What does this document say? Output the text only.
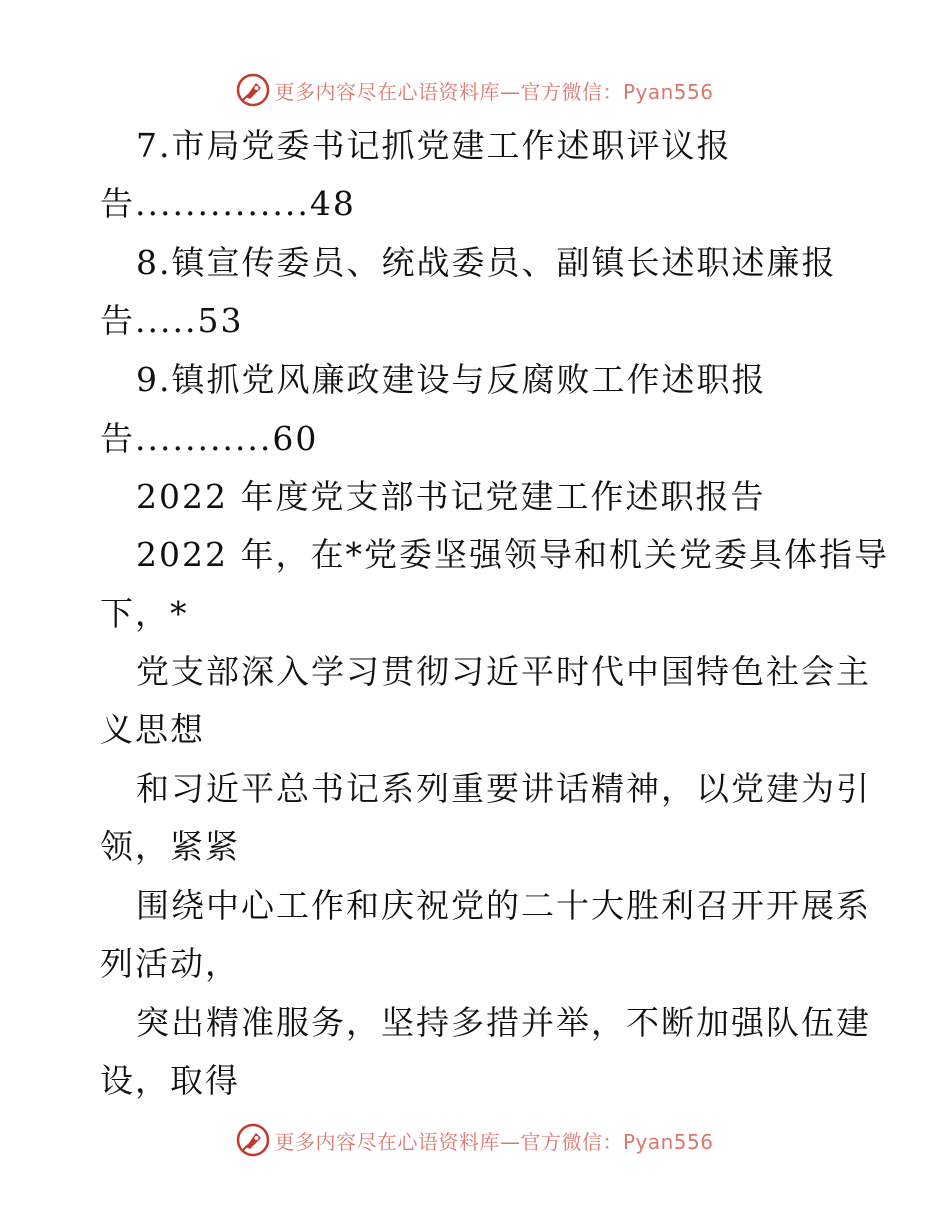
更多内容尽在心语资料库—官方微信：Pyan556
7.市局党委书记抓党建工作述职评议报
告..............48
8.镇宣传委员、统战委员、副镇长述职述廉报
告.....53
9.镇抓党风廉政建设与反腐败工作述职报
告...........60
2022 年度党支部书记党建工作述职报告
2022 年，在*党委坚强领导和机关党委具体指导
下，*
党支部深入学习贯彻习近平时代中国特色社会主
义思想
和习近平总书记系列重要讲话精神，以党建为引
领，紧紧
围绕中心工作和庆祝党的二十大胜利召开开展系
列活动，
突出精准服务，坚持多措并举，不断加强队伍建
设，取得
更多内容尽在心语资料库—官方微信：Pyan556
